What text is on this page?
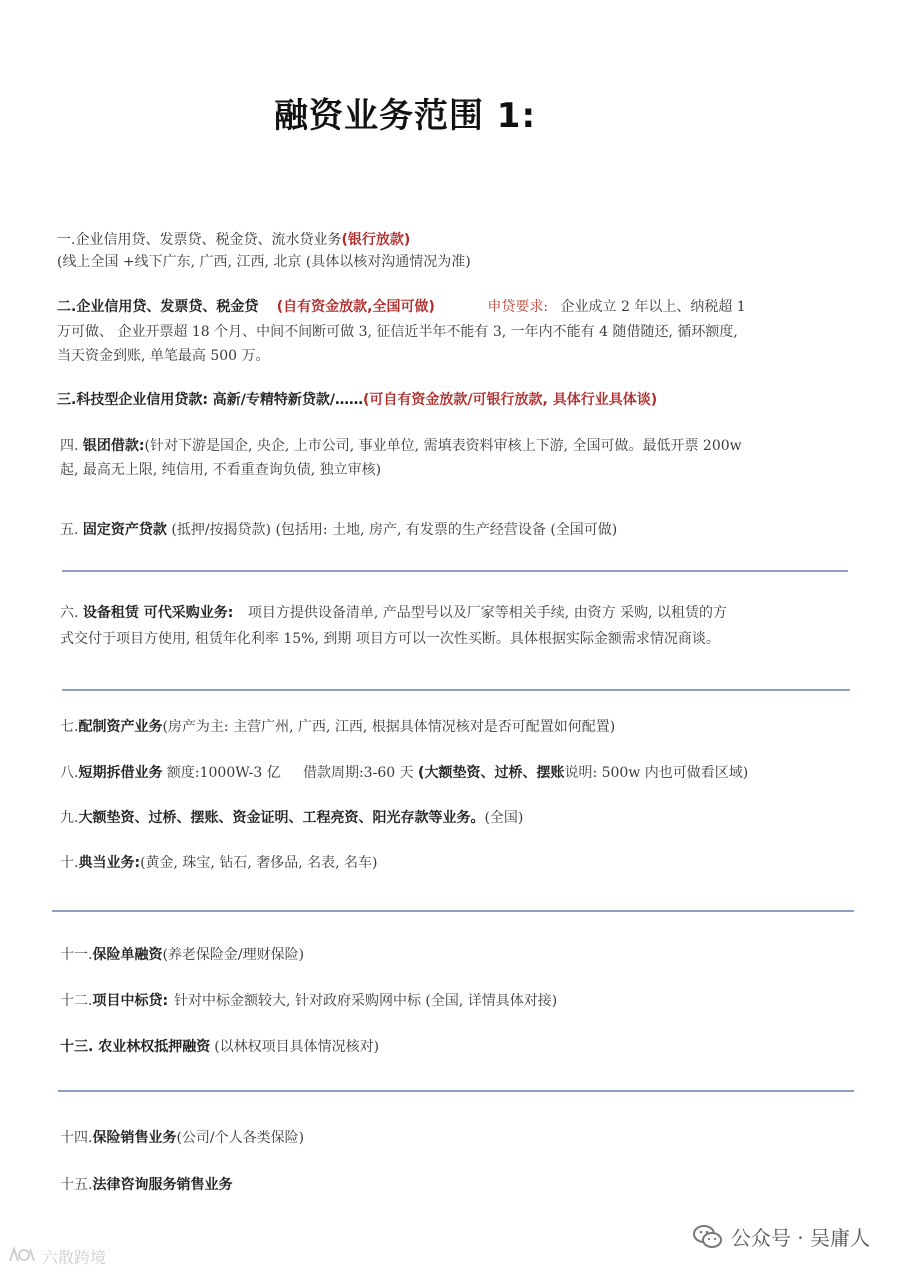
融资业务范围 1:
一.企业信用贷、发票贷、税金贷、流水贷业务(银行放款)
(线上全国 +线下广东, 广西, 江西, 北京 (具体以核对沟通情况为准)
二.企业信用贷、发票贷、税金贷 (自有资金放款,全国可做)	申贷要求: 企业成立 2 年以上、纳税超 1
万可做、 企业开票超 18 个月、中间不间断可做 3, 征信近半年不能有 3, 一年内不能有 4 随借随还, 循环额度,
当天资金到账, 单笔最高 500 万。
三.科技型企业信用贷款: 高新/专精特新贷款/……(可自有资金放款/可银行放款, 具体行业具体谈)
四. 银团借款:(针对下游是国企, 央企, 上市公司, 事业单位, 需填表资料审核上下游, 全国可做。最低开票 200w
起, 最高无上限, 纯信用, 不看重查询负债, 独立审核)
五. 固定资产贷款 (抵押/按揭贷款) (包括用: 土地, 房产, 有发票的生产经营设备 (全国可做)
六. 设备租赁 可代采购业务: 项目方提供设备清单, 产品型号以及厂家等相关手续, 由资方 采购, 以租赁的方
式交付于项目方使用, 租赁年化利率 15%, 到期 项目方可以一次性买断。具体根据实际金额需求情况商谈。
七.配制资产业务(房产为主: 主营广州, 广西, 江西, 根据具体情况核对是否可配置如何配置)
八.短期拆借业务 额度:1000W-3 亿     借款周期:3-60 天 (大额垫资、过桥、摆账说明: 500w 内也可做看区域)
九.大额垫资、过桥、摆账、资金证明、工程亮资、阳光存款等业务。(全国)
十.典当业务:(黄金, 珠宝, 钻石, 奢侈品, 名表, 名车)
十一.保险单融资(养老保险金/理财保险)
十二.项目中标贷: 针对中标金额较大, 针对政府采购网中标 (全国, 详情具体对接)
十三. 农业林权抵押融资 (以林权项目具体情况核对)
十四.保险销售业务(公司/个人各类保险)
十五.法律咨询服务销售业务
公众号 · 吴庸人
六散跨境
